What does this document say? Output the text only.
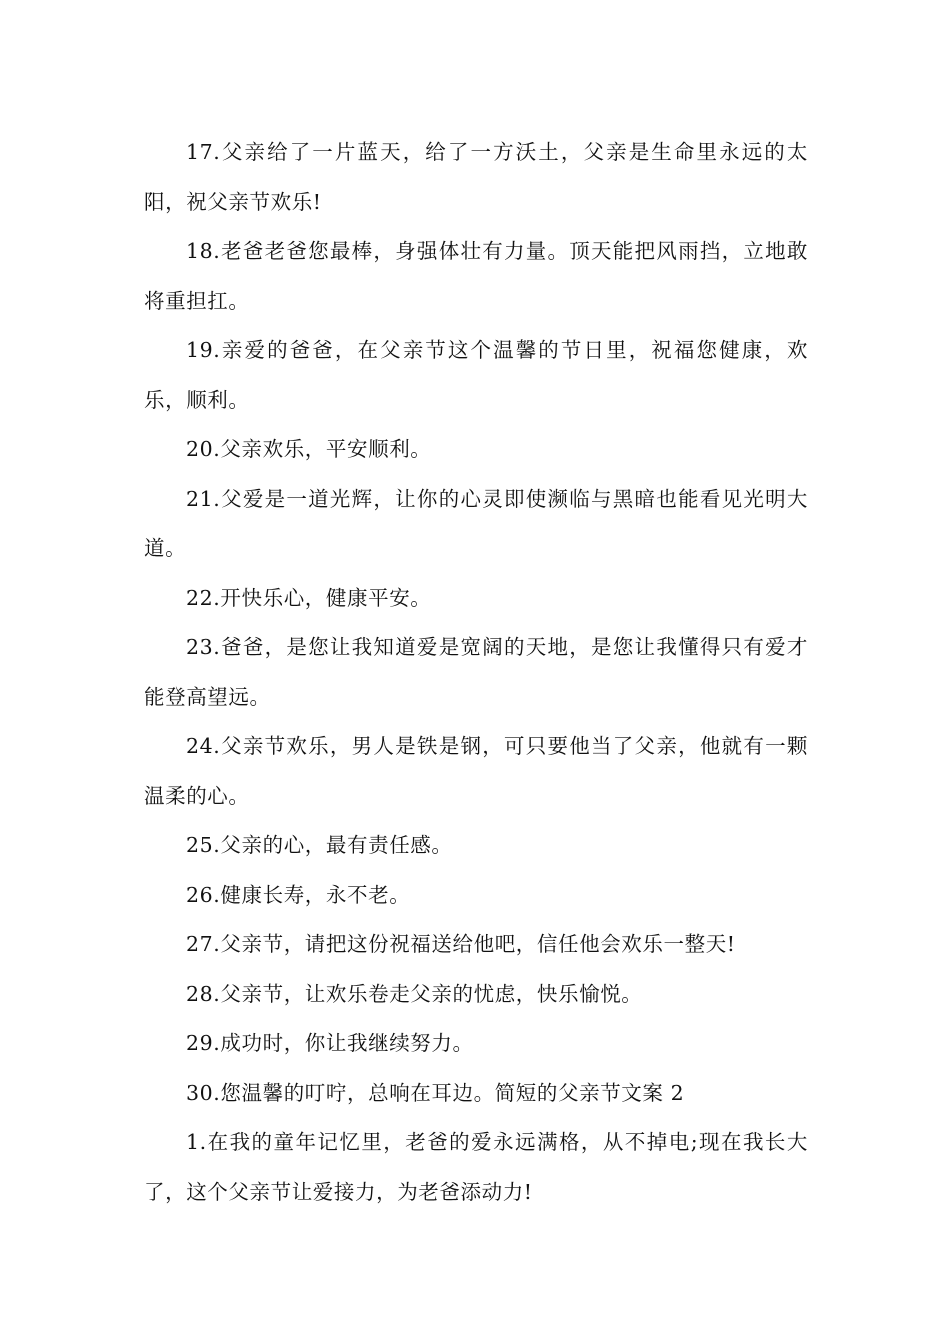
17.父亲给了一片蓝天，给了一方沃土，父亲是生命里永远的太阳，祝父亲节欢乐!

18.老爸老爸您最棒，身强体壮有力量。顶天能把风雨挡，立地敢将重担扛。

19.亲爱的爸爸，在父亲节这个温馨的节日里，祝福您健康，欢乐，顺利。

20.父亲欢乐，平安顺利。

21.父爱是一道光辉，让你的心灵即使濒临与黑暗也能看见光明大道。

22.开快乐心，健康平安。

23.爸爸，是您让我知道爱是宽阔的天地，是您让我懂得只有爱才能登高望远。

24.父亲节欢乐，男人是铁是钢，可只要他当了父亲，他就有一颗温柔的心。

25.父亲的心，最有责任感。

26.健康长寿，永不老。

27.父亲节，请把这份祝福送给他吧，信任他会欢乐一整天!

28.父亲节，让欢乐卷走父亲的忧虑，快乐愉悦。

29.成功时，你让我继续努力。

30.您温馨的叮咛，总响在耳边。简短的父亲节文案 2

1.在我的童年记忆里，老爸的爱永远满格，从不掉电;现在我长大了，这个父亲节让爱接力，为老爸添动力!
